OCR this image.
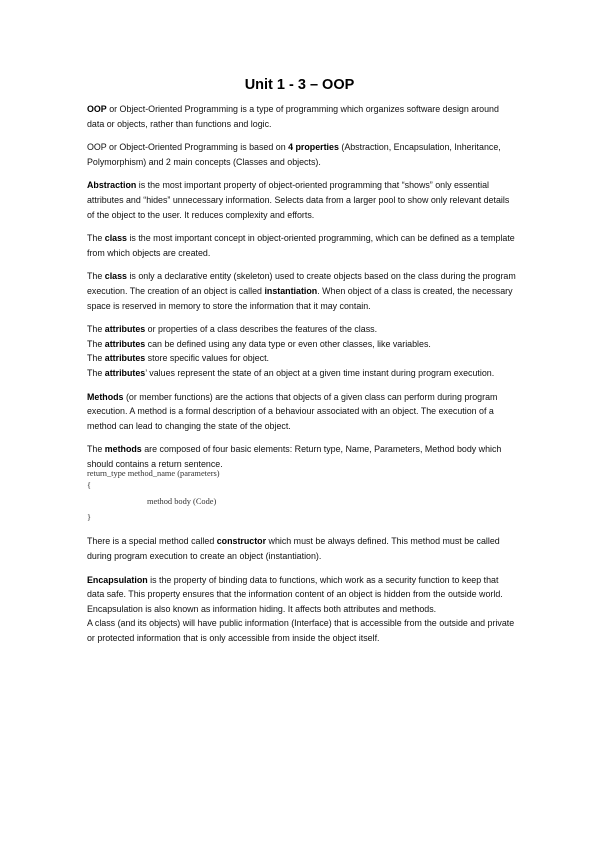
Unit 1 - 3 – OOP

OOP or Object-Oriented Programming is a type of programming which organizes software design around data or objects, rather than functions and logic.

OOP or Object-Oriented Programming is based on 4 properties (Abstraction, Encapsulation, Inheritance, Polymorphism) and 2 main concepts (Classes and objects).

Abstraction is the most important property of object-oriented programming that “shows” only essential attributes and “hides” unnecessary information. Selects data from a larger pool to show only relevant details of the object to the user. It reduces complexity and efforts.

The class is the most important concept in object-oriented programming, which can be defined as a template from which objects are created.

The class is only a declarative entity (skeleton) used to create objects based on the class during the program execution. The creation of an object is called instantiation. When object of a class is created, the necessary space is reserved in memory to store the information that it may contain.

The attributes or properties of a class describes the features of the class.
The attributes can be defined using any data type or even other classes, like variables.
The attributes store specific values for object.
The attributes’ values represent the state of an object at a given time instant during program execution.

Methods (or member functions) are the actions that objects of a given class can perform during program execution. A method is a formal description of a behaviour associated with an object. The execution of a method can lead to changing the state of the object.

The methods are composed of four basic elements: Return type, Name, Parameters, Method body which should contains a return sentence.

return_type method_name (parameters)
{
method body (Code)
}

There is a special method called constructor which must be always defined. This method must be called during program execution to create an object (instantiation).

Encapsulation is the property of binding data to functions, which work as a security function to keep that data safe. This property ensures that the information content of an object is hidden from the outside world.
Encapsulation is also known as information hiding. It affects both attributes and methods.
A class (and its objects) will have public information (Interface) that is accessible from the outside and private or protected information that is only accessible from inside the object itself.
